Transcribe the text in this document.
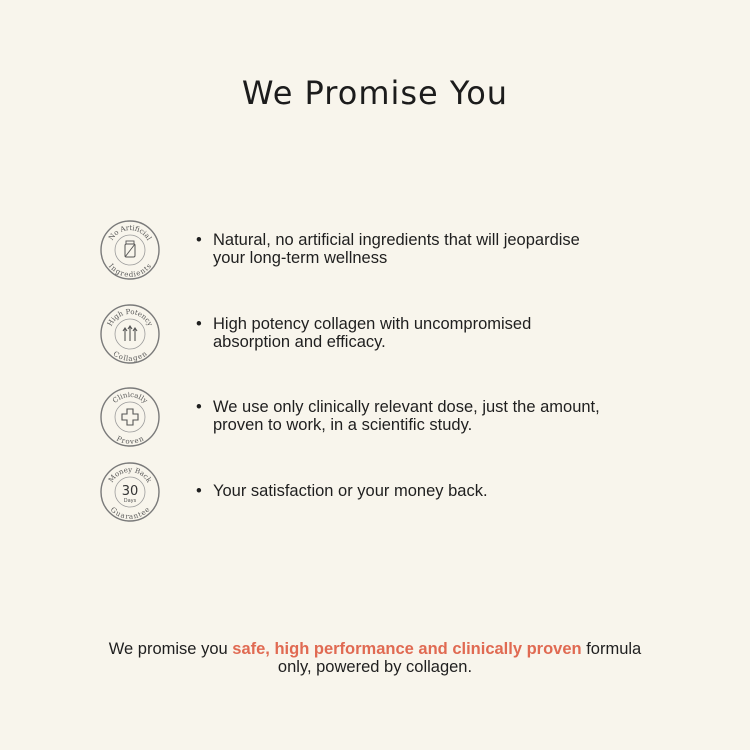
We Promise You
No Artificial
Ingredients
• Natural, no artificial ingredients that will jeopardise
your long-term wellness
High Potency
Collagen
• High potency collagen with uncompromised
absorption and efficacy.
Clinically
Proven
• We use only clinically relevant dose, just the amount,
proven to work, in a scientific study.
Money Back
Guarantee
30
Days
• Your satisfaction or your money back.
We promise you safe, high performance and clinically proven formula
only, powered by collagen.
